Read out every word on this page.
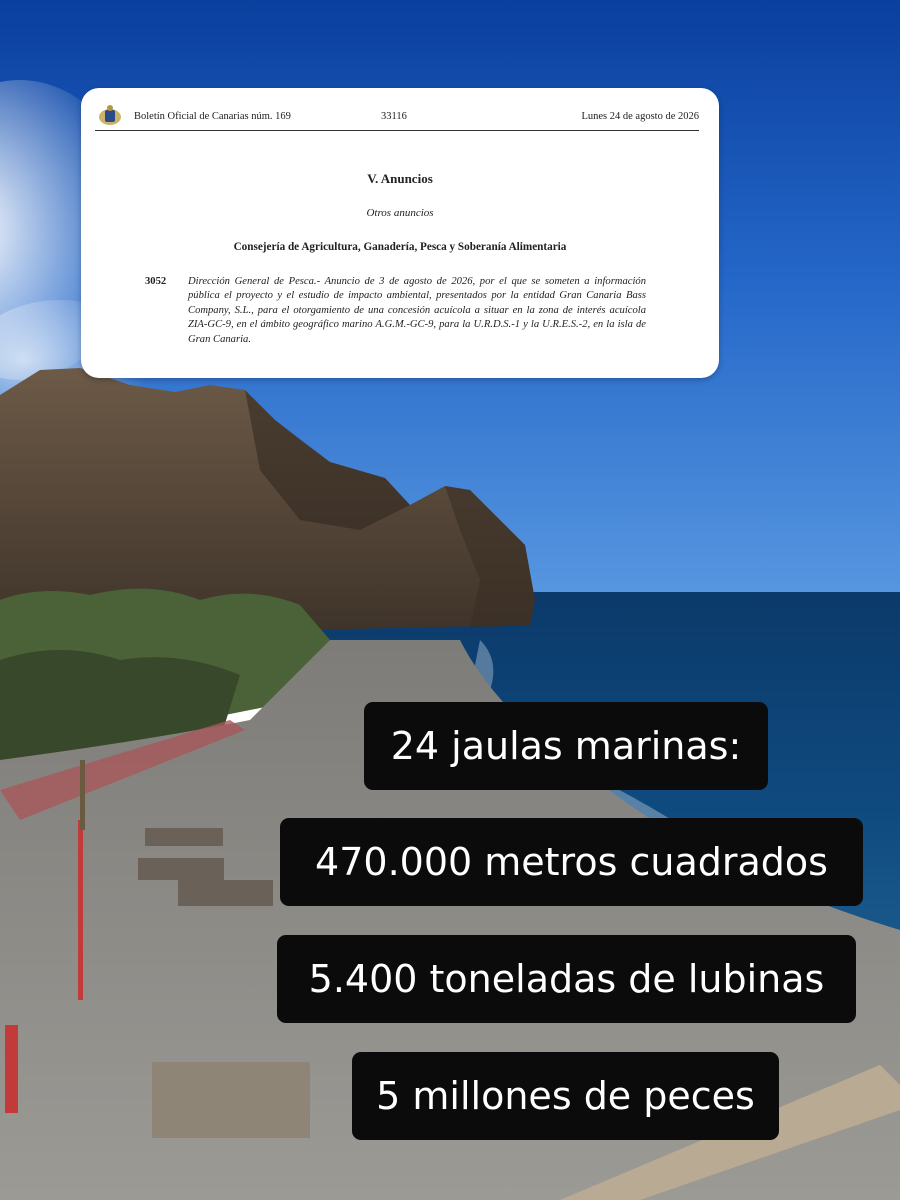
Boletín Oficial de Canarias núm. 169	33116	Lunes 24 de agosto de 2026
V. Anuncios
Otros anuncios
Consejería de Agricultura, Ganadería, Pesca y Soberanía Alimentaria
3052 Dirección General de Pesca.- Anuncio de 3 de agosto de 2026, por el que se someten a información pública el proyecto y el estudio de impacto ambiental, presentados por la entidad Gran Canaria Bass Company, S.L., para el otorgamiento de una concesión acuícola a situar en la zona de interés acuícola ZIA-GC-9, en el ámbito geográfico marino A.G.M.-GC-9, para la U.R.D.S.-1 y la U.R.E.S.-2, en la isla de Gran Canaria.
24 jaulas marinas:
470.000 metros cuadrados
5.400 toneladas de lubinas
5 millones de peces
